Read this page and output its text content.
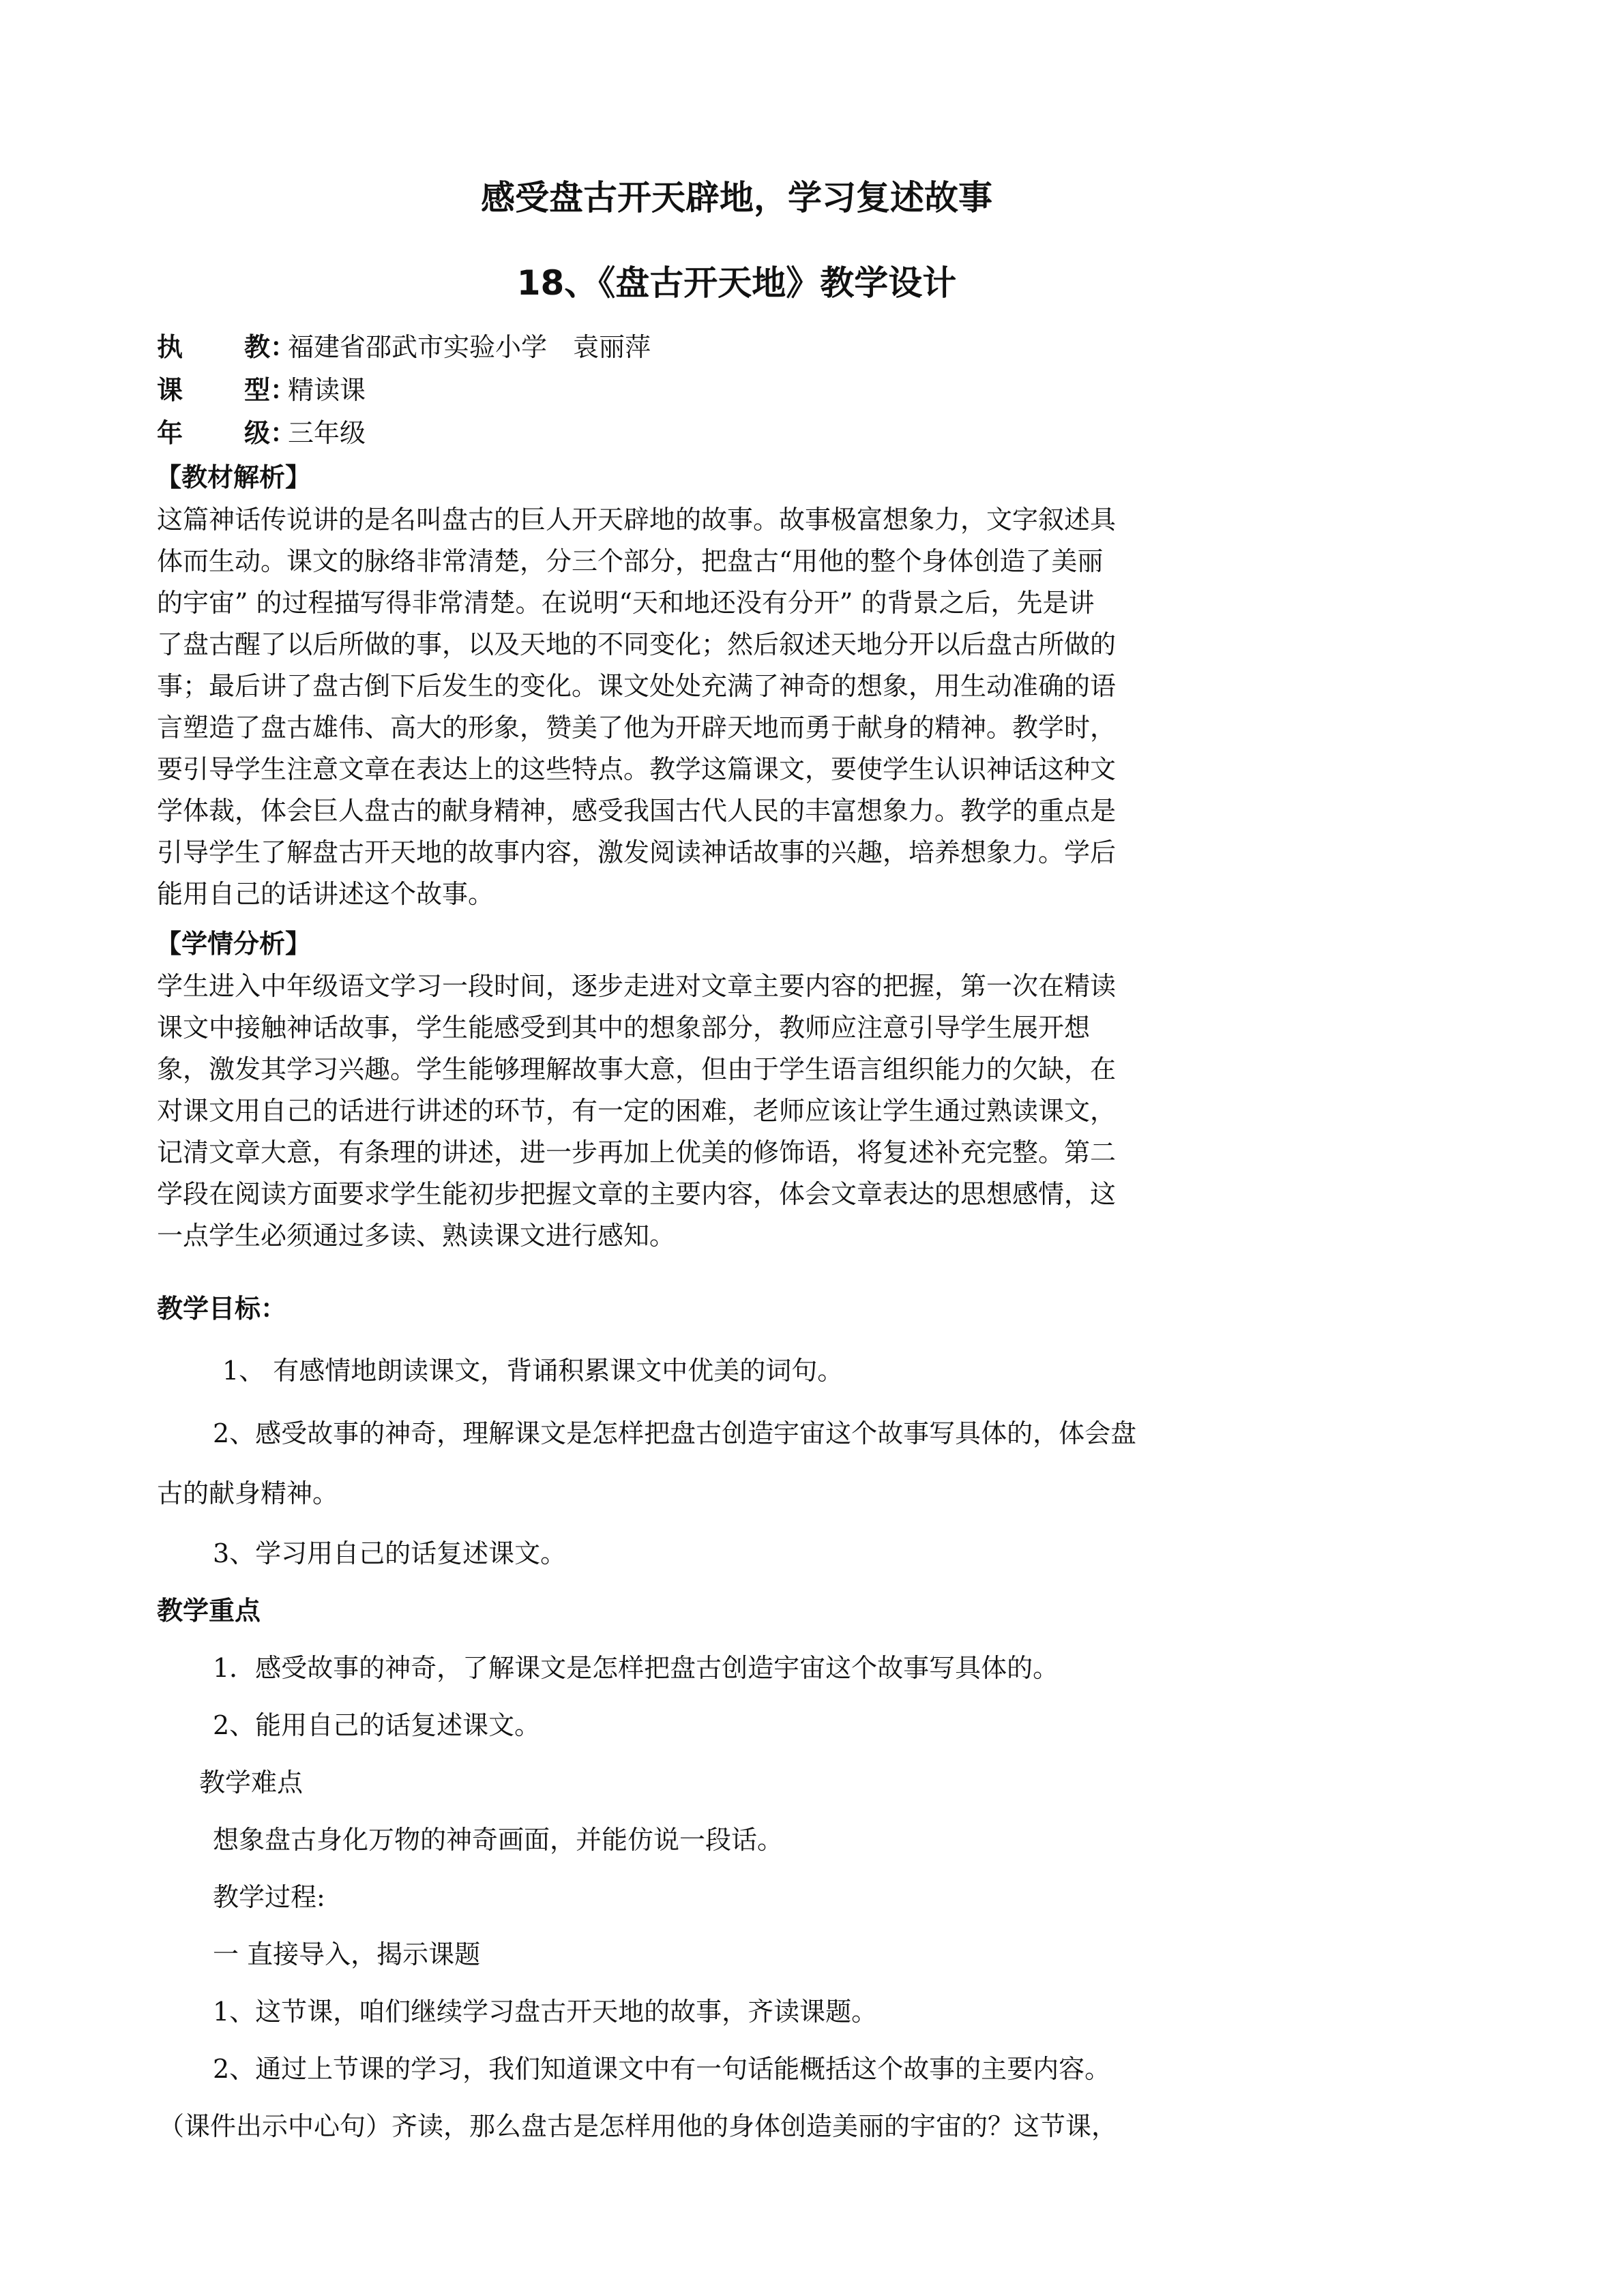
感受盘古开天辟地，学习复述故事
18、《盘古开天地》教学设计
执 教：福建省邵武市实验小学　袁丽萍
课 型：精读课
年 级：三年级
【教材解析】
这篇神话传说讲的是名叫盘古的巨人开天辟地的故事。故事极富想象力，文字叙述具
体而生动。课文的脉络非常清楚，分三个部分，把盘古“用他的整个身体创造了美丽
的宇宙” 的过程描写得非常清楚。在说明“天和地还没有分开” 的背景之后，先是讲
了盘古醒了以后所做的事，以及天地的不同变化；然后叙述天地分开以后盘古所做的
事；最后讲了盘古倒下后发生的变化。课文处处充满了神奇的想象，用生动准确的语
言塑造了盘古雄伟、高大的形象，赞美了他为开辟天地而勇于献身的精神。教学时，
要引导学生注意文章在表达上的这些特点。教学这篇课文，要使学生认识神话这种文
学体裁，体会巨人盘古的献身精神，感受我国古代人民的丰富想象力。教学的重点是
引导学生了解盘古开天地的故事内容，激发阅读神话故事的兴趣，培养想象力。学后
能用自己的话讲述这个故事。
【学情分析】
学生进入中年级语文学习一段时间，逐步走进对文章主要内容的把握，第一次在精读
课文中接触神话故事，学生能感受到其中的想象部分，教师应注意引导学生展开想
象，激发其学习兴趣。学生能够理解故事大意，但由于学生语言组织能力的欠缺，在
对课文用自己的话进行讲述的环节，有一定的困难，老师应该让学生通过熟读课文，
记清文章大意，有条理的讲述，进一步再加上优美的修饰语，将复述补充完整。第二
学段在阅读方面要求学生能初步把握文章的主要内容，体会文章表达的思想感情，这
一点学生必须通过多读、熟读课文进行感知。
教学目标：
1、 有感情地朗读课文，背诵积累课文中优美的词句。
2、感受故事的神奇，理解课文是怎样把盘古创造宇宙这个故事写具体的，体会盘
古的献身精神。
3、学习用自己的话复述课文。
教学重点
1．感受故事的神奇，了解课文是怎样把盘古创造宇宙这个故事写具体的。
2、能用自己的话复述课文。
教学难点
想象盘古身化万物的神奇画面，并能仿说一段话。
教学过程:
一 直接导入，揭示课题
1、这节课，咱们继续学习盘古开天地的故事，齐读课题。
2、通过上节课的学习，我们知道课文中有一句话能概括这个故事的主要内容。
（课件出示中心句）齐读，那么盘古是怎样用他的身体创造美丽的宇宙的？这节课，
